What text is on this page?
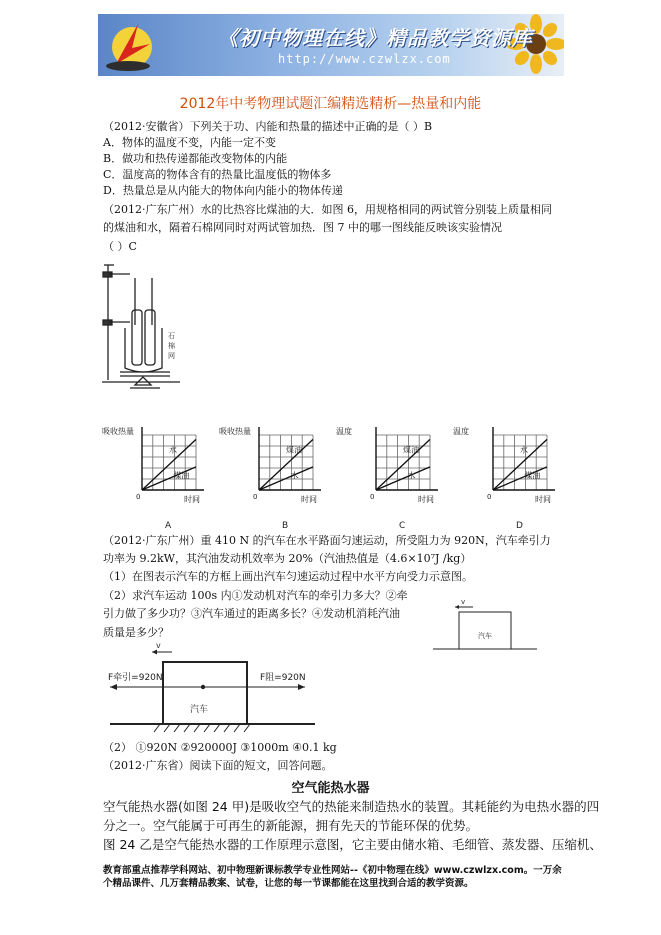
《初中物理在线》精品教学资源库
http://www.czwlzx.com
2012年中考物理试题汇编精选精析—热量和内能
（2012·安徽省）下列关于功、内能和热量的描述中正确的是（ ）B
A．物体的温度不变，内能一定不变
B．做功和热传递都能改变物体的内能
C．温度高的物体含有的热量比温度低的物体多
D．热量总是从内能大的物体向内能小的物体传递
（2012·广东广州）水的比热容比煤油的大．如图 6，用规格相同的两试管分别装上质量相同
的煤油和水，隔着石棉网同时对两试管加热．图 7 中的哪一图线能反映该实验情况
（ ）C
石
棉
网
吸收热量
时间
0
水
煤油
A
吸收热量
时间
0
煤油
水
B
温度
时间
0
煤油
水
C
温度
时间
0
水
煤油
D
（2012·广东广州）重 410 N 的汽车在水平路面匀速运动，所受阻力为 920N，汽车牵引力
功率为 9.2kW，其汽油发动机效率为 20%（汽油热值是（4.6×10⁷J /kg）
（1）在图表示汽车的方框上画出汽车匀速运动过程中水平方向受力示意图。
（2）求汽车运动 100s 内①发动机对汽车的牵引力多大？②牵
引力做了多少功？③汽车通过的距离多长？④发动机消耗汽油
质量是多少？
v
汽车
v
F牵引=920N	F阻=920N
汽车
（2） ①920N ②920000J ③1000m ④0.1 kg
（2012·广东省）阅读下面的短文，回答问题。
空气能热水器
空气能热水器(如图 24 甲)是吸收空气的热能来制造热水的装置。其耗能约为电热水器的四
分之一。空气能属于可再生的新能源，拥有先天的节能环保的优势。
图 24 乙是空气能热水器的工作原理示意图，它主要由储水箱、毛细管、蒸发器、压缩机、
教育部重点推荐学科网站、初中物理新课标教学专业性网站--《初中物理在线》www.czwlzx.com。一万余
个精品课件、几万套精品教案、试卷，让您的每一节课都能在这里找到合适的教学资源。
